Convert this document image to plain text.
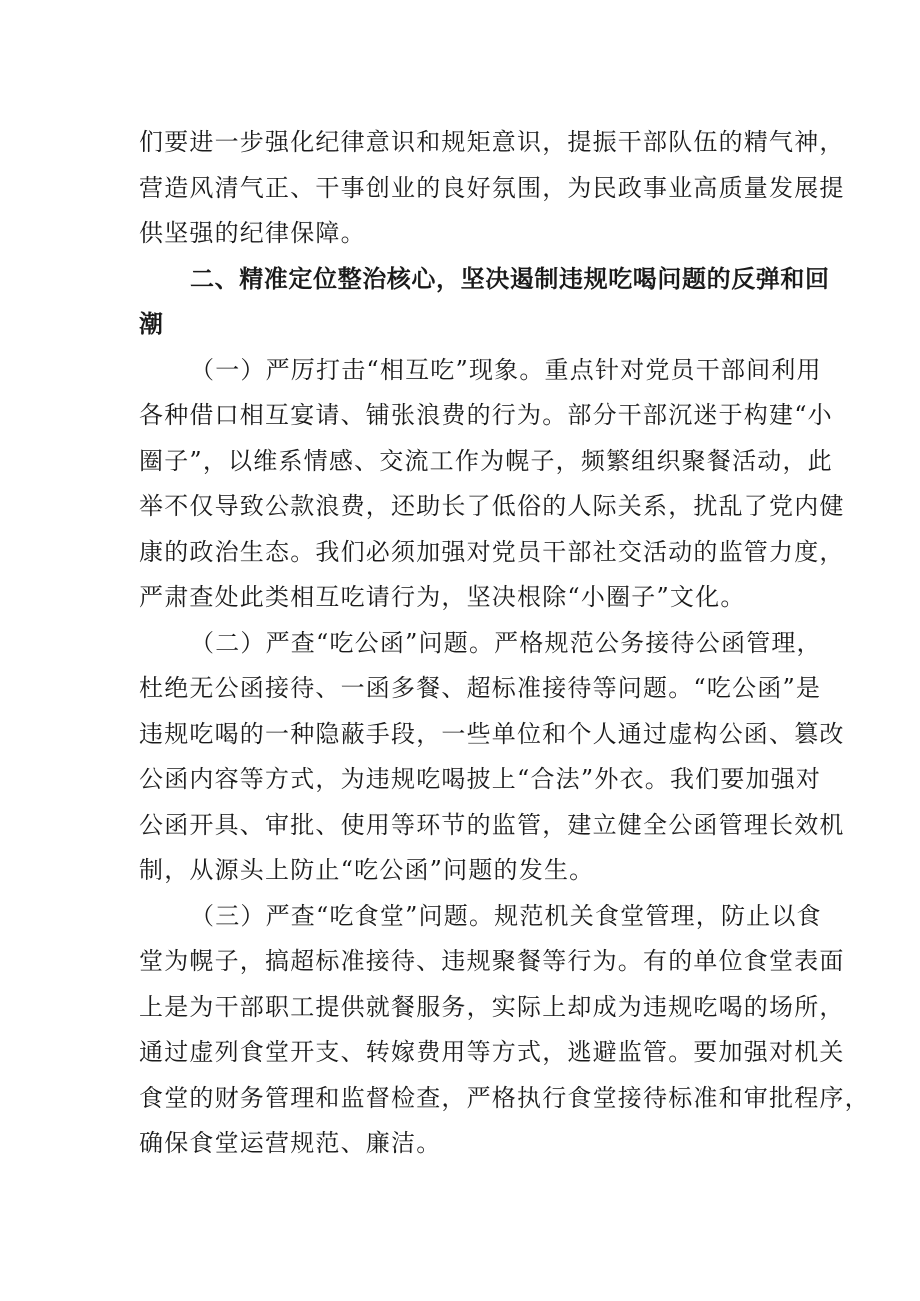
们要进一步强化纪律意识和规矩意识，提振干部队伍的精气神，
营造风清气正、干事创业的良好氛围，为民政事业高质量发展提
供坚强的纪律保障。
二、精准定位整治核心，坚决遏制违规吃喝问题的反弹和回
潮
（一）严厉打击“相互吃”现象。重点针对党员干部间利用
各种借口相互宴请、铺张浪费的行为。部分干部沉迷于构建“小
圈子”，以维系情感、交流工作为幌子，频繁组织聚餐活动，此
举不仅导致公款浪费，还助长了低俗的人际关系，扰乱了党内健
康的政治生态。我们必须加强对党员干部社交活动的监管力度，
严肃查处此类相互吃请行为，坚决根除“小圈子”文化。
（二）严查“吃公函”问题。严格规范公务接待公函管理，
杜绝无公函接待、一函多餐、超标准接待等问题。“吃公函”是
违规吃喝的一种隐蔽手段，一些单位和个人通过虚构公函、篡改
公函内容等方式，为违规吃喝披上“合法”外衣。我们要加强对
公函开具、审批、使用等环节的监管，建立健全公函管理长效机
制，从源头上防止“吃公函”问题的发生。
（三）严查“吃食堂”问题。规范机关食堂管理，防止以食
堂为幌子，搞超标准接待、违规聚餐等行为。有的单位食堂表面
上是为干部职工提供就餐服务，实际上却成为违规吃喝的场所，
通过虚列食堂开支、转嫁费用等方式，逃避监管。要加强对机关
食堂的财务管理和监督检查，严格执行食堂接待标准和审批程序，
确保食堂运营规范、廉洁。
